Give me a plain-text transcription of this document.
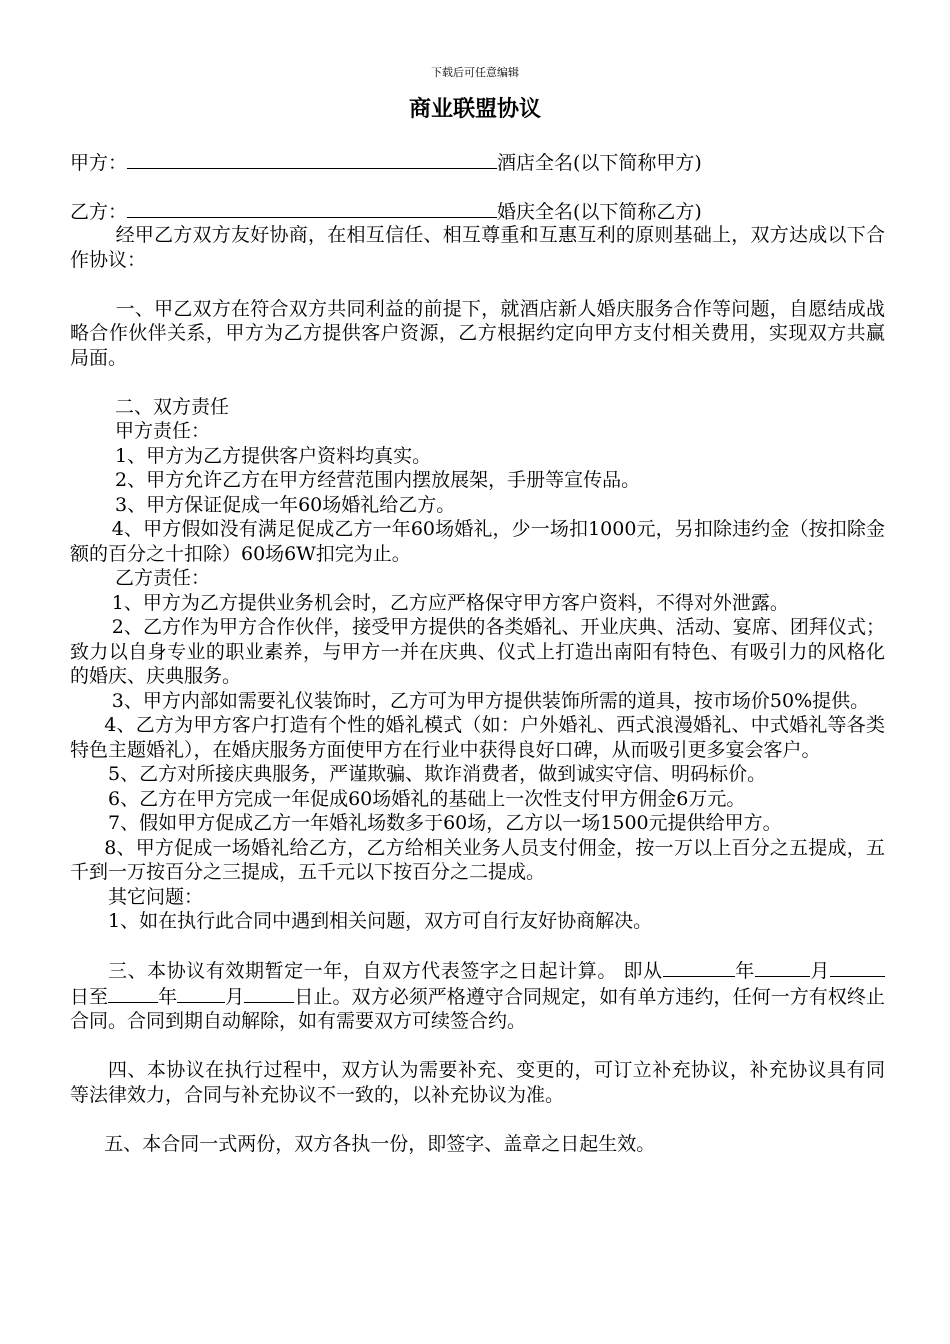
下载后可任意编辑
商业联盟协议
甲方：	酒店全名(以下简称甲方)
乙方：	婚庆全名(以下简称乙方)

经甲乙方双方友好协商，在相互信任、相互尊重和互惠互利的原则基础上，双方达成以下合作协议：

一、甲乙双方在符合双方共同利益的前提下，就酒店新人婚庆服务合作等问题，自愿结成战略合作伙伴关系，甲方为乙方提供客户资源，乙方根据约定向甲方支付相关费用，实现双方共赢局面。

二、双方责任
甲方责任：
1、甲方为乙方提供客户资料均真实。
2、甲方允许乙方在甲方经营范围内摆放展架，手册等宣传品。
3、甲方保证促成一年60场婚礼给乙方。

4、甲方假如没有满足促成乙方一年60场婚礼，少一场扣1000元，另扣除违约金（按扣除金额的百分之十扣除）60场6W扣完为止。

乙方责任：

1、甲方为乙方提供业务机会时，乙方应严格保守甲方客户资料，不得对外泄露。

2、乙方作为甲方合作伙伴，接受甲方提供的各类婚礼、开业庆典、活动、宴席、团拜仪式；致力以自身专业的职业素养，与甲方一并在庆典、仪式上打造出南阳有特色、有吸引力的风格化的婚庆、庆典服务。

3、甲方内部如需要礼仪装饰时，乙方可为甲方提供装饰所需的道具，按市场价50%提供。

4、乙方为甲方客户打造有个性的婚礼模式（如：户外婚礼、西式浪漫婚礼、中式婚礼等各类特色主题婚礼），在婚庆服务方面使甲方在行业中获得良好口碑，从而吸引更多宴会客户。

5、乙方对所接庆典服务，严谨欺骗、欺诈消费者，做到诚实守信、明码标价。

6、乙方在甲方完成一年促成60场婚礼的基础上一次性支付甲方佣金6万元。

7、假如甲方促成乙方一年婚礼场数多于60场，乙方以一场1500元提供给甲方。

8、甲方促成一场婚礼给乙方，乙方给相关业务人员支付佣金，按一万以上百分之五提成，五千到一万按百分之三提成，五千元以下按百分之二提成。

其它问题：
1、如在执行此合同中遇到相关问题，双方可自行友好协商解决。

三、本协议有效期暂定一年，自双方代表签字之日起计算。 即从	年	月日至	年	月	日止。双方必须严格遵守合同规定，如有单方违约，任何一方有权终止合同。合同到期自动解除，如有需要双方可续签合约。

四、本协议在执行过程中，双方认为需要补充、变更的，可订立补充协议，补充协议具有同等法律效力，合同与补充协议不一致的，以补充协议为准。

五、本合同一式两份，双方各执一份，即签字、盖章之日起生效。
